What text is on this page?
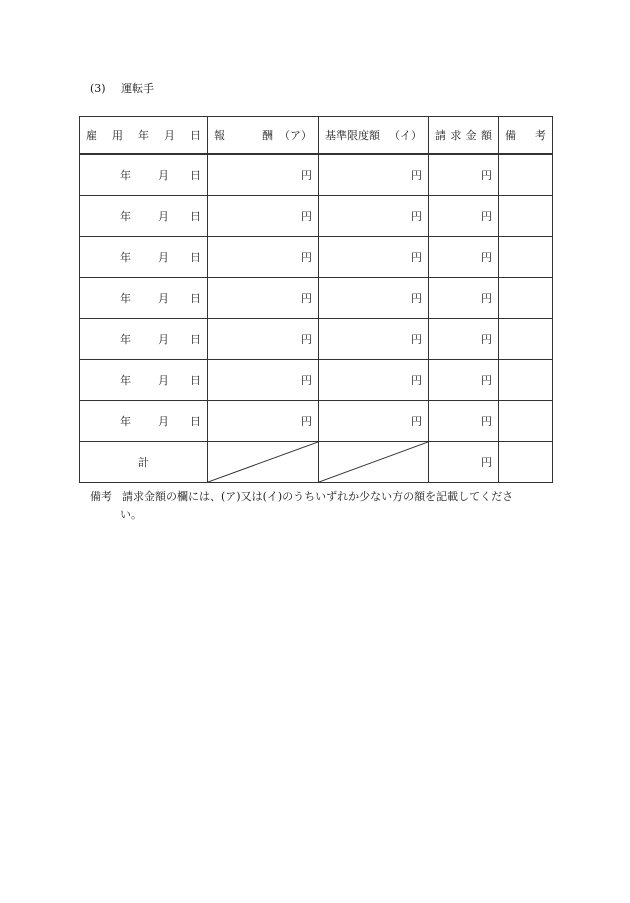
(3) 運転手
雇 用 年 月 日	報 酬 （ア）	基準限度額 （イ）	請 求 金 額	備 考

年 月 日	円	円	円	

年 月 日	円	円	円	

年 月 日	円	円	円	

年 月 日	円	円	円	

年 月 日	円	円	円	

年 月 日	円	円	円	

年 月 日	円	円	円	
計			円	
備考 請求金額の欄には、(ア)又は(イ)のうちいずれか少ない方の額を記載してくださ
い。
